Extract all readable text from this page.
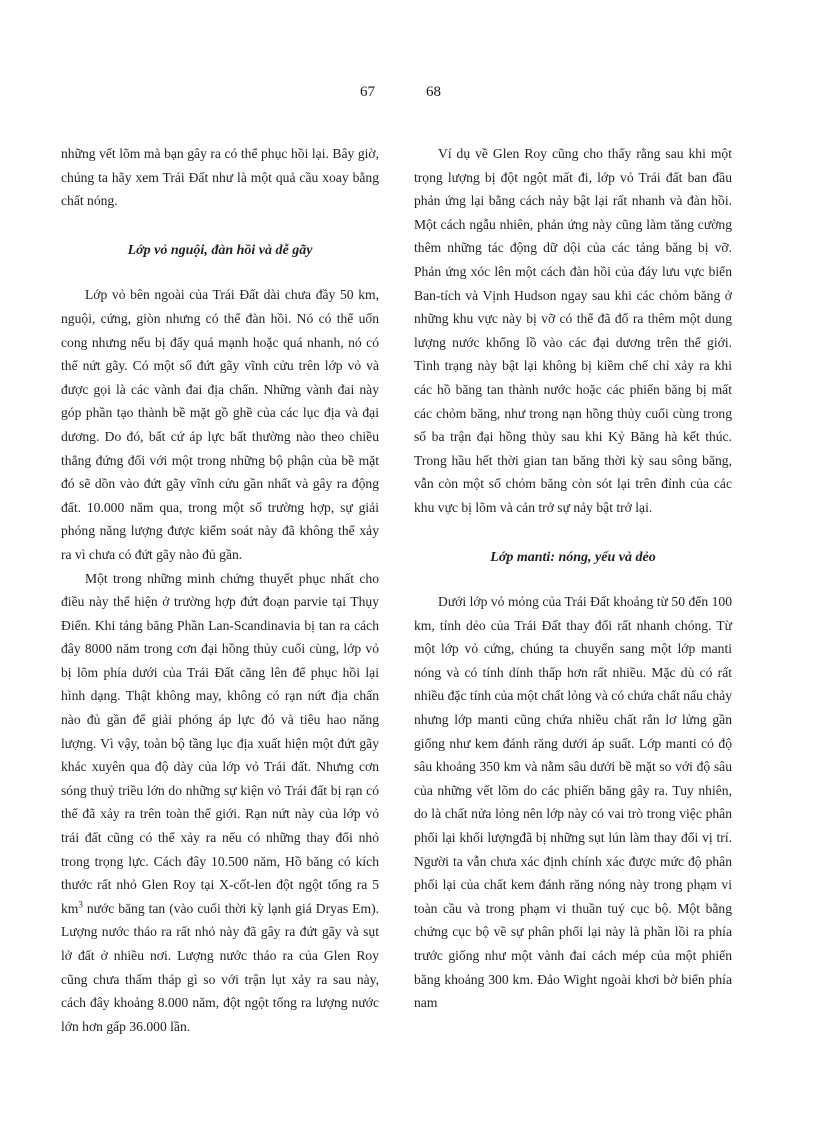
67	68

những vết lõm mà bạn gây ra có thể phục hồi lại. Bây giờ, chúng ta hãy xem Trái Đất như là một quả cầu xoay bằng chất nóng.

Lớp vỏ nguội, đàn hồi và dễ gãy

Lớp vỏ bên ngoài của Trái Đất dài chưa đầy 50 km, nguội, cứng, giòn nhưng có thể đàn hồi. Nó có thể uốn cong nhưng nếu bị đẩy quá mạnh hoặc quá nhanh, nó có thể nứt gãy. Có một số đứt gãy vĩnh cửu trên lớp vỏ và được gọi là các vành đai địa chấn. Những vành đai này góp phần tạo thành bề mặt gồ ghề của các lục địa và đại dương. Do đó, bất cứ áp lực bất thường nào theo chiều thẳng đứng đối với một trong những bộ phận của bề mặt đó sẽ dồn vào đứt gãy vĩnh cửu gần nhất và gây ra động đất. 10.000 năm qua, trong một số trường hợp, sự giải phóng năng lượng được kiểm soát này đã không thể xảy ra vì chưa có đứt gãy nào đủ gần.

Một trong những minh chứng thuyết phục nhất cho điều này thể hiện ở trường hợp đứt đoạn parvie tại Thụy Điển. Khi tảng băng Phần Lan-Scandinavia bị tan ra cách đây 8000 năm trong cơn đại hồng thủy cuối cùng, lớp vỏ bị lõm phía dưới của Trái Đất căng lên để phục hồi lại hình dạng. Thật không may, không có rạn nứt địa chấn nào đủ gần để giải phóng áp lực đó và tiêu hao năng lượng. Vì vậy, toàn bộ tầng lục địa xuất hiện một đứt gãy khác xuyên qua độ dày của lớp vỏ Trái đất. Nhưng cơn sóng thuỷ triều lớn do những sự kiện vỏ Trái đất bị rạn có thể đã xảy ra trên toàn thế giới. Rạn nứt này của lớp vỏ trái đất cũng có thể xảy ra nếu có những thay đổi nhỏ trong trọng lực. Cách đây 10.500 năm, Hồ băng có kích thước rất nhỏ Glen Roy tại X-cốt-len đột ngột tống ra 5 $km^3$ nước băng tan (vào cuối thời kỳ lạnh giá Dryas Em). Lượng nước tháo ra rất nhỏ này đã gây ra đứt gãy và sụt lở đất ở nhiều nơi. Lượng nước tháo ra của Glen Roy cũng chưa thấm tháp gì so với trận lụt xảy ra sau này, cách đây khoảng 8.000 năm, đột ngột tống ra lượng nước lớn hơn gấp 36.000 lần.

Ví dụ về Glen Roy cũng cho thấy rằng sau khi một trọng lượng bị đột ngột mất đi, lớp vỏ Trái đất ban đầu phản ứng lại bằng cách nảy bật lại rất nhanh và đàn hồi. Một cách ngẫu nhiên, phản ứng này cũng làm tăng cường thêm những tác động dữ dội của các tảng băng bị vỡ. Phản ứng xóc lên một cách đàn hồi của đáy lưu vực biển Ban-tích và Vịnh Hudson ngay sau khi các chỏm băng ở những khu vực này bị vỡ có thể đã đổ ra thêm một dung lượng nước khổng lồ vào các đại dương trên thế giới. Tình trạng này bật lại không bị kiềm chế chỉ xảy ra khi các hồ băng tan thành nước hoặc các phiến băng bị mất các chỏm băng, như trong nạn hồng thủy cuối cùng trong số ba trận đại hồng thủy sau khi Kỷ Băng hà kết thúc. Trong hầu hết thời gian tan băng thời kỳ sau sông băng, vẫn còn một số chỏm băng còn sót lại trên đỉnh của các khu vực bị lõm và cản trở sự nảy bật trở lại.

Lớp manti: nóng, yếu và dẻo

Dưới lớp vỏ mỏng của Trái Đất khoảng từ 50 đến 100 km, tính dẻo của Trái Đất thay đổi rất nhanh chóng. Từ một lớp vỏ cứng, chúng ta chuyển sang một lớp manti nóng và có tính dính thấp hơn rất nhiều. Mặc dù có rất nhiều đặc tính của một chất lỏng và có chứa chất nấu chảy nhưng lớp manti cũng chứa nhiều chất rắn lơ lửng gần giống như kem đánh răng dưới áp suất. Lớp manti có độ sâu khoảng 350 km và nằm sâu dưới bề mặt so với độ sâu của những vết lõm do các phiến băng gây ra. Tuy nhiên, do là chất nửa lỏng nên lớp này có vai trò trong việc phân phối lại khối lượngđã bị những sụt lún làm thay đổi vị trí. Người ta vẫn chưa xác định chính xác được mức độ phân phối lại của chất kem đánh răng nóng này trong phạm vi toàn cầu và trong phạm vi thuần tuý cục bộ. Một bằng chứng cục bộ về sự phân phối lại này là phần lồi ra phía trước giống như một vành đai cách mép của một phiến băng khoảng 300 km. Đảo Wight ngoài khơi bờ biển phía nam
